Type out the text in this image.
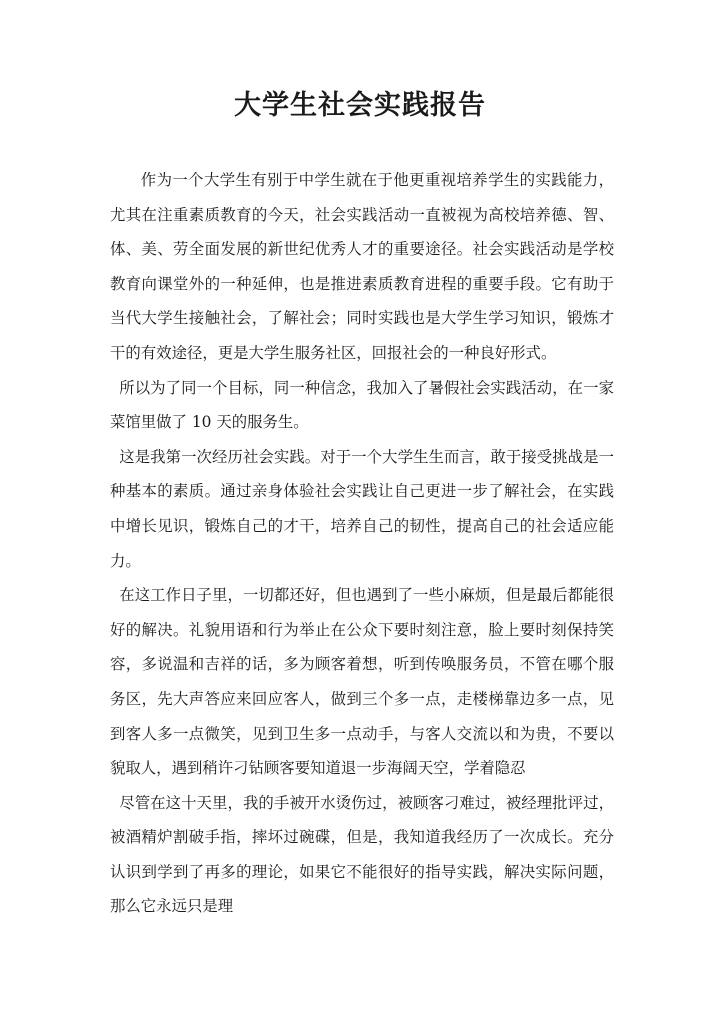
大学生社会实践报告

作为一个大学生有别于中学生就在于他更重视培养学生的实践能力，尤其在注重素质教育的今天，社会实践活动一直被视为高校培养德、智、体、美、劳全面发展的新世纪优秀人才的重要途径。社会实践活动是学校教育向课堂外的一种延伸，也是推进素质教育进程的重要手段。它有助于当代大学生接触社会，了解社会；同时实践也是大学生学习知识，锻炼才干的有效途径，更是大学生服务社区，回报社会的一种良好形式。

所以为了同一个目标，同一种信念，我加入了暑假社会实践活动，在一家菜馆里做了 10 天的服务生。

这是我第一次经历社会实践。对于一个大学生生而言，敢于接受挑战是一种基本的素质。通过亲身体验社会实践让自己更进一步了解社会，在实践中增长见识，锻炼自己的才干，培养自己的韧性，提高自己的社会适应能力。

在这工作日子里，一切都还好，但也遇到了一些小麻烦，但是最后都能很好的解决。礼貌用语和行为举止在公众下要时刻注意，脸上要时刻保持笑容，多说温和吉祥的话，多为顾客着想，听到传唤服务员，不管在哪个服务区，先大声答应来回应客人，做到三个多一点，走楼梯靠边多一点，见到客人多一点微笑，见到卫生多一点动手，与客人交流以和为贵，不要以貌取人，遇到稍许刁钻顾客要知道退一步海阔天空，学着隐忍

尽管在这十天里，我的手被开水烫伤过，被顾客刁难过，被经理批评过，被酒精炉割破手指，摔坏过碗碟，但是，我知道我经历了一次成长。充分认识到学到了再多的理论，如果它不能很好的指导实践，解决实际问题，那么它永远只是理
